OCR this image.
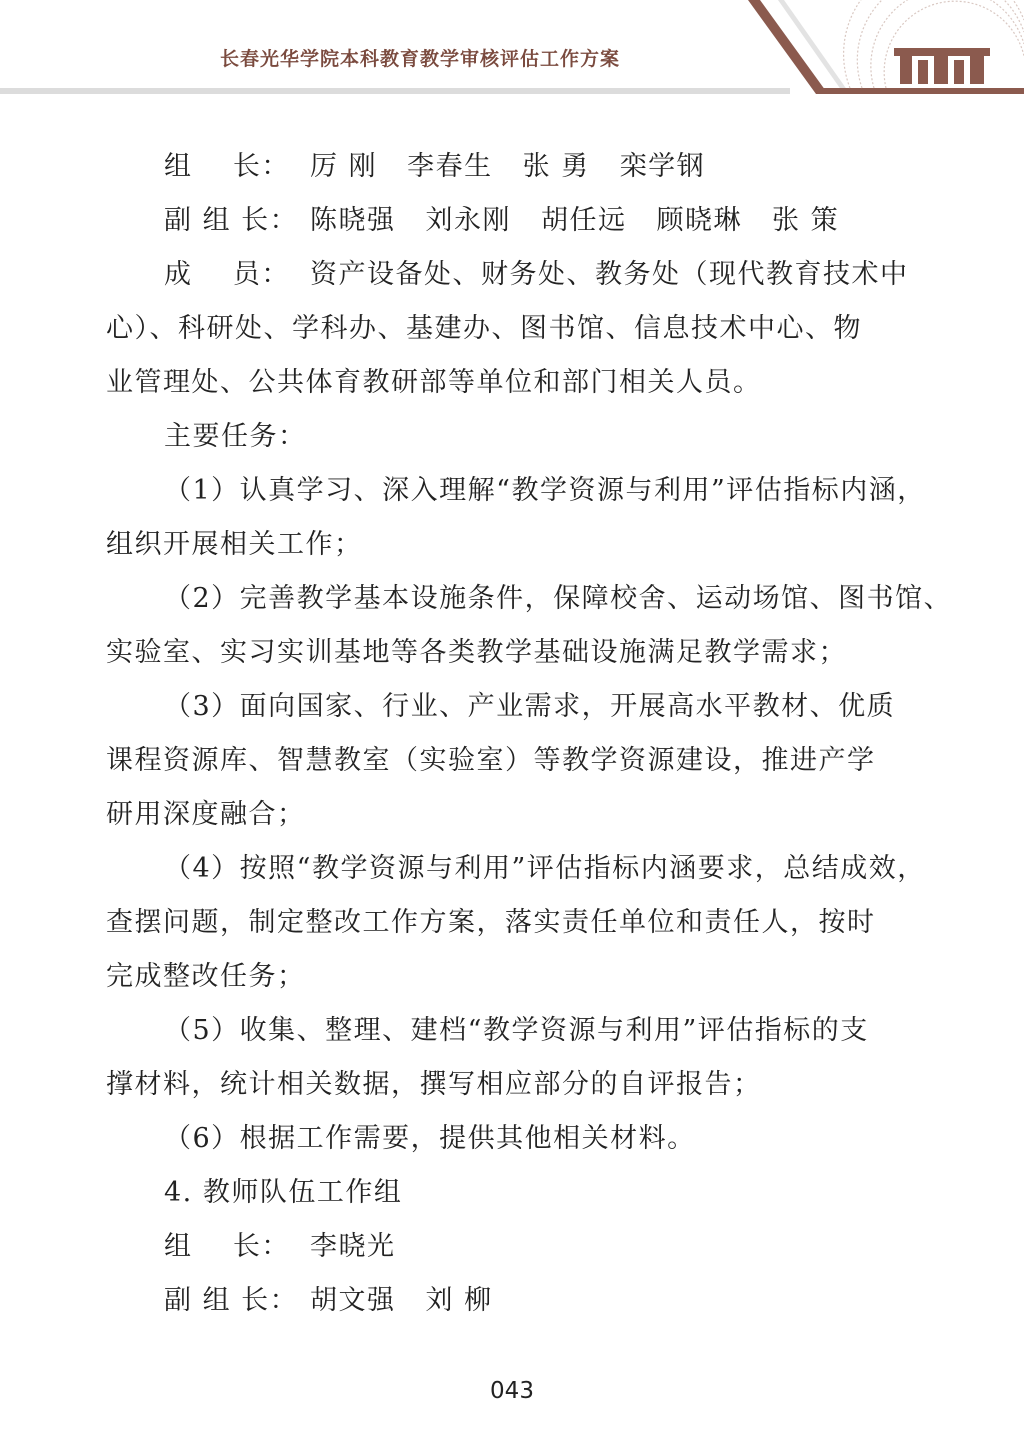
长春光华学院本科教育教学审核评估工作方案
组    长： 厉 刚 李春生 张 勇 栾学钢
副 组 长： 陈晓强 刘永刚 胡任远 顾晓琳 张 策
成    员： 资产设备处、财务处、教务处（现代教育技术中
心）、科研处、学科办、基建办、图书馆、信息技术中心、物
业管理处、公共体育教研部等单位和部门相关人员。
主要任务：
（1）认真学习、深入理解“教学资源与利用”评估指标内涵，
组织开展相关工作；
（2）完善教学基本设施条件，保障校舍、运动场馆、图书馆、
实验室、实习实训基地等各类教学基础设施满足教学需求；
（3）面向国家、行业、产业需求，开展高水平教材、优质
课程资源库、智慧教室（实验室）等教学资源建设，推进产学
研用深度融合；
（4）按照“教学资源与利用”评估指标内涵要求，总结成效，
查摆问题，制定整改工作方案，落实责任单位和责任人，按时
完成整改任务；
（5）收集、整理、建档“教学资源与利用”评估指标的支
撑材料，统计相关数据，撰写相应部分的自评报告；
（6）根据工作需要，提供其他相关材料。
4. 教师队伍工作组
组    长： 李晓光
副 组 长： 胡文强 刘 柳
043
